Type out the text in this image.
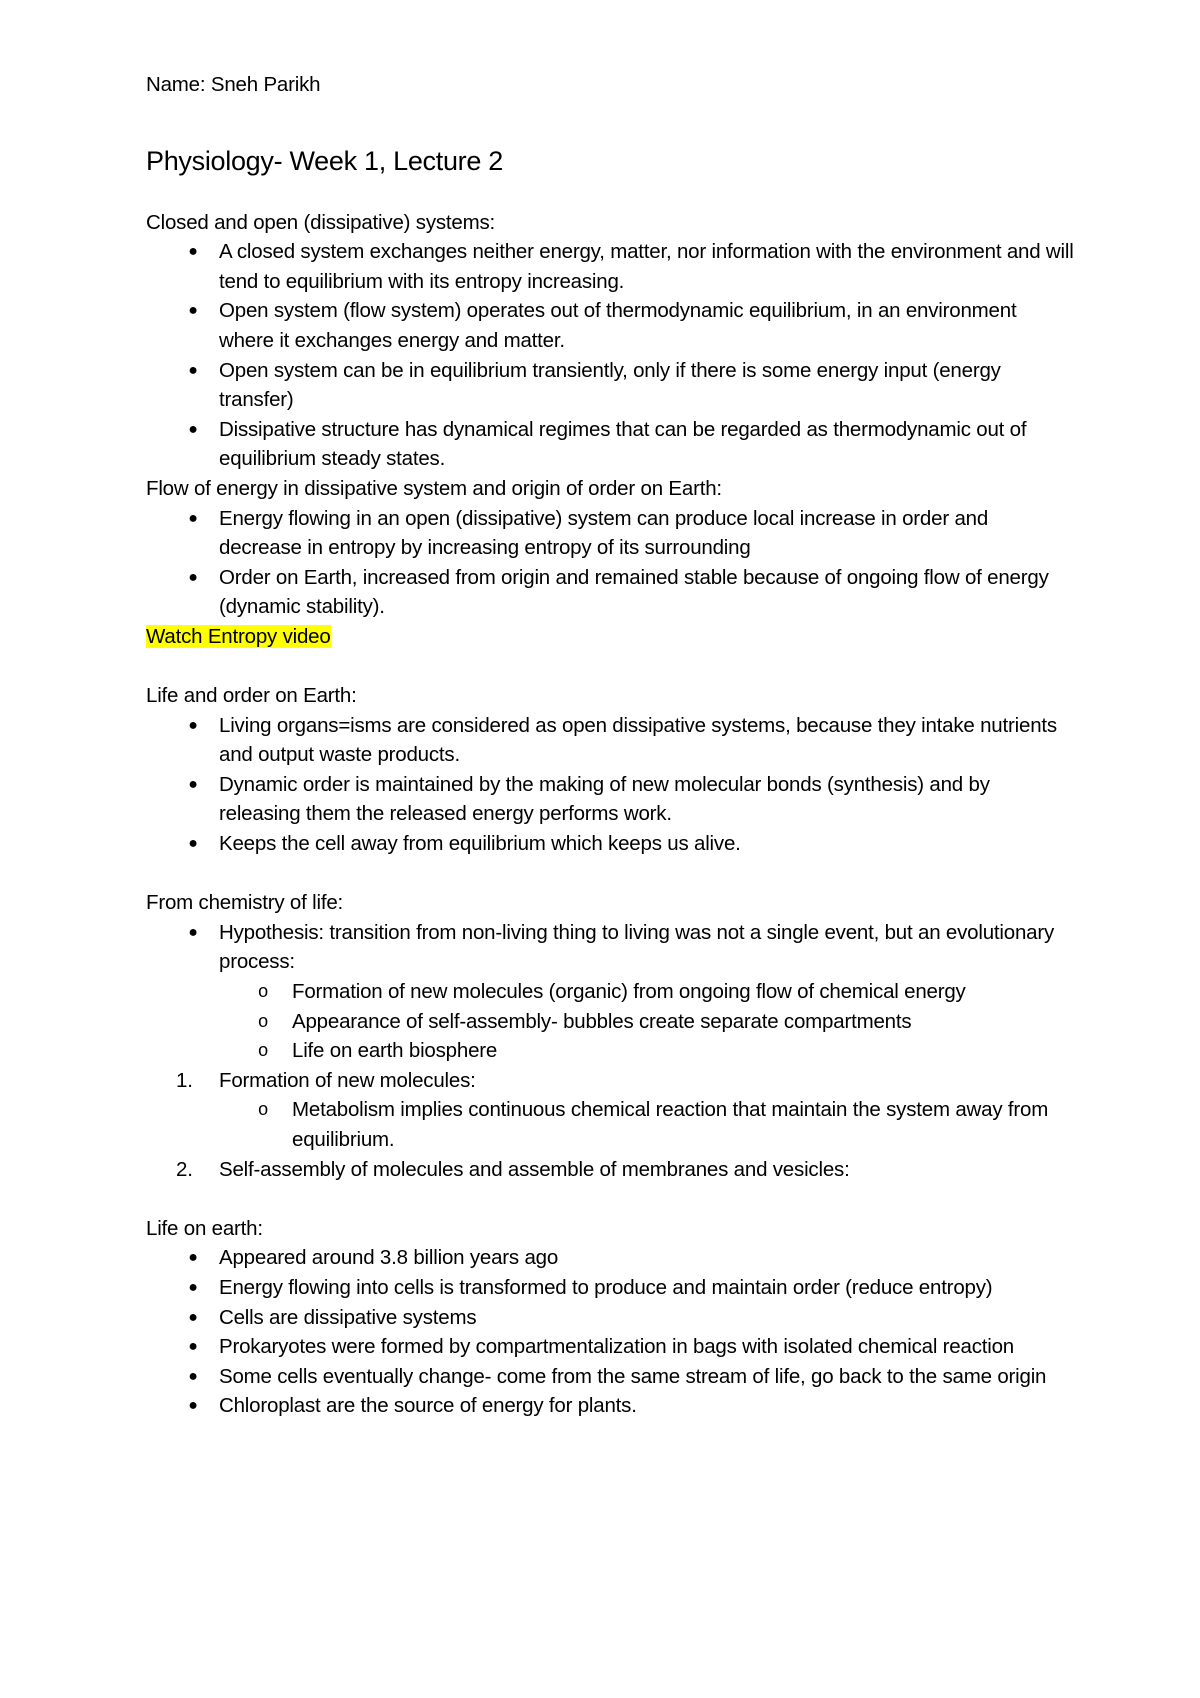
Name: Sneh Parikh

Physiology- Week 1, Lecture 2

Closed and open (dissipative) systems:

● A closed system exchanges neither energy, matter, nor information with the environment and will tend to equilibrium with its entropy increasing.
● Open system (flow system) operates out of thermodynamic equilibrium, in an environment where it exchanges energy and matter.
● Open system can be in equilibrium transiently, only if there is some energy input (energy transfer)
● Dissipative structure has dynamical regimes that can be regarded as thermodynamic out of equilibrium steady states.

Flow of energy in dissipative system and origin of order on Earth:

● Energy flowing in an open (dissipative) system can produce local increase in order and decrease in entropy by increasing entropy of its surrounding
● Order on Earth, increased from origin and remained stable because of ongoing flow of energy (dynamic stability).

Watch Entropy video

Life and order on Earth:

● Living organs=isms are considered as open dissipative systems, because they intake nutrients and output waste products.
● Dynamic order is maintained by the making of new molecular bonds (synthesis) and by releasing them the released energy performs work.
● Keeps the cell away from equilibrium which keeps us alive.

From chemistry of life:

● Hypothesis: transition from non-living thing to living was not a single event, but an evolutionary process:
o Formation of new molecules (organic) from ongoing flow of chemical energy
o Appearance of self-assembly- bubbles create separate compartments
o Life on earth biosphere
1. Formation of new molecules:
o Metabolism implies continuous chemical reaction that maintain the system away from equilibrium.
2. Self-assembly of molecules and assemble of membranes and vesicles:

Life on earth:

● Appeared around 3.8 billion years ago
● Energy flowing into cells is transformed to produce and maintain order (reduce entropy)
● Cells are dissipative systems
● Prokaryotes were formed by compartmentalization in bags with isolated chemical reaction
● Some cells eventually change- come from the same stream of life, go back to the same origin
● Chloroplast are the source of energy for plants.
